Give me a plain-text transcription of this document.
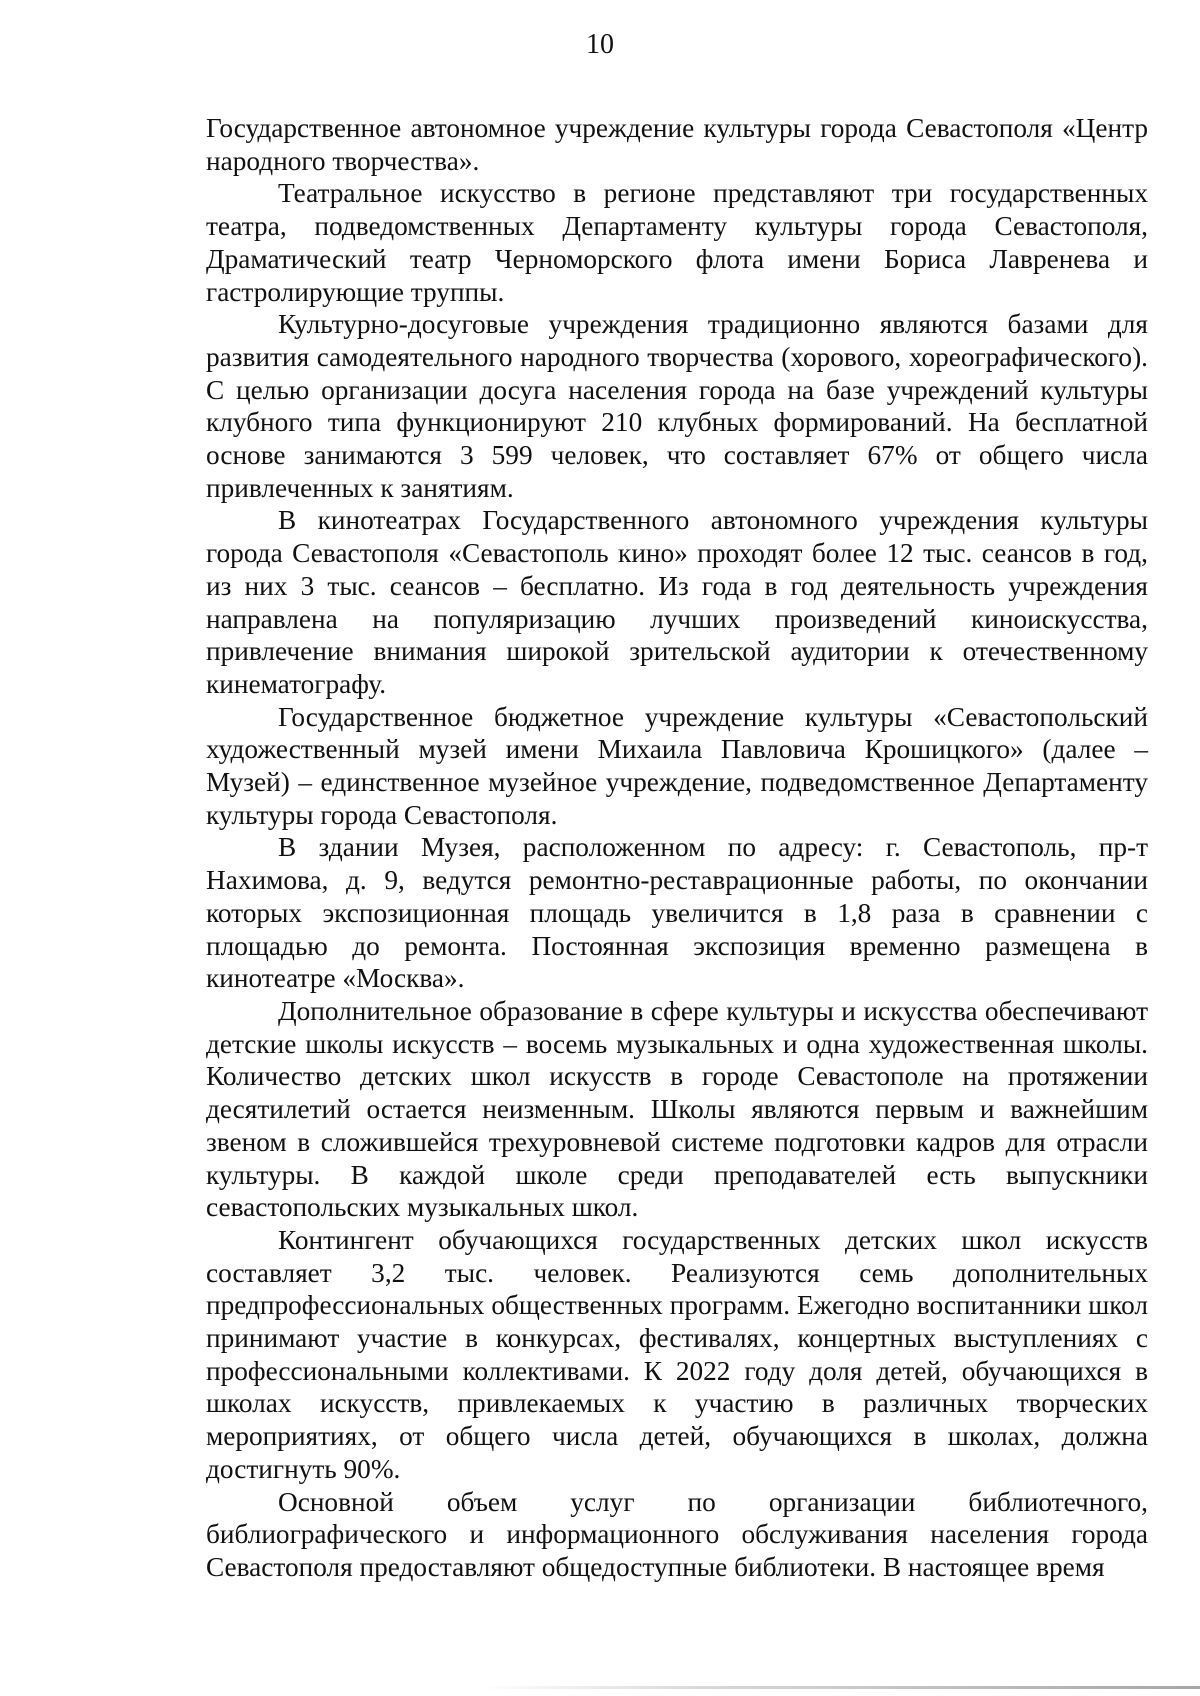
10

Государственное автономное учреждение культуры города Севастополя «Центр народного творчества».

Театральное искусство в регионе представляют три государственных театра, подведомственных Департаменту культуры города Севастополя, Драматический театр Черноморского флота имени Бориса Лавренева и гастролирующие труппы.

Культурно-досуговые учреждения традиционно являются базами для развития самодеятельного народного творчества (хорового, хореографического). С целью организации досуга населения города на базе учреждений культуры клубного типа функционируют 210 клубных формирований. На бесплатной основе занимаются 3 599 человек, что составляет 67% от общего числа привлеченных к занятиям.

В кинотеатрах Государственного автономного учреждения культуры города Севастополя «Севастополь кино» проходят более 12 тыс. сеансов в год, из них 3 тыс. сеансов – бесплатно. Из года в год деятельность учреждения направлена на популяризацию лучших произведений киноискусства, привлечение внимания широкой зрительской аудитории к отечественному кинематографу.

Государственное бюджетное учреждение культуры «Севастопольский художественный музей имени Михаила Павловича Крошицкого» (далее – Музей) – единственное музейное учреждение, подведомственное Департаменту культуры города Севастополя.

В здании Музея, расположенном по адресу: г. Севастополь, пр-т Нахимова, д. 9, ведутся ремонтно-реставрационные работы, по окончании которых экспозиционная площадь увеличится в 1,8 раза в сравнении с площадью до ремонта. Постоянная экспозиция временно размещена в кинотеатре «Москва».

Дополнительное образование в сфере культуры и искусства обеспечивают детские школы искусств – восемь музыкальных и одна художественная школы. Количество детских школ искусств в городе Севастополе на протяжении десятилетий остается неизменным. Школы являются первым и важнейшим звеном в сложившейся трехуровневой системе подготовки кадров для отрасли культуры. В каждой школе среди преподавателей есть выпускники севастопольских музыкальных школ.

Контингент обучающихся государственных детских школ искусств составляет 3,2 тыс. человек. Реализуются семь дополнительных предпрофессиональных общественных программ. Ежегодно воспитанники школ принимают участие в конкурсах, фестивалях, концертных выступлениях с профессиональными коллективами. К 2022 году доля детей, обучающихся в школах искусств, привлекаемых к участию в различных творческих мероприятиях, от общего числа детей, обучающихся в школах, должна достигнуть 90%.

Основной объем услуг по организации библиотечного, библиографического и информационного обслуживания населения города Севастополя предоставляют общедоступные библиотеки. В настоящее время
